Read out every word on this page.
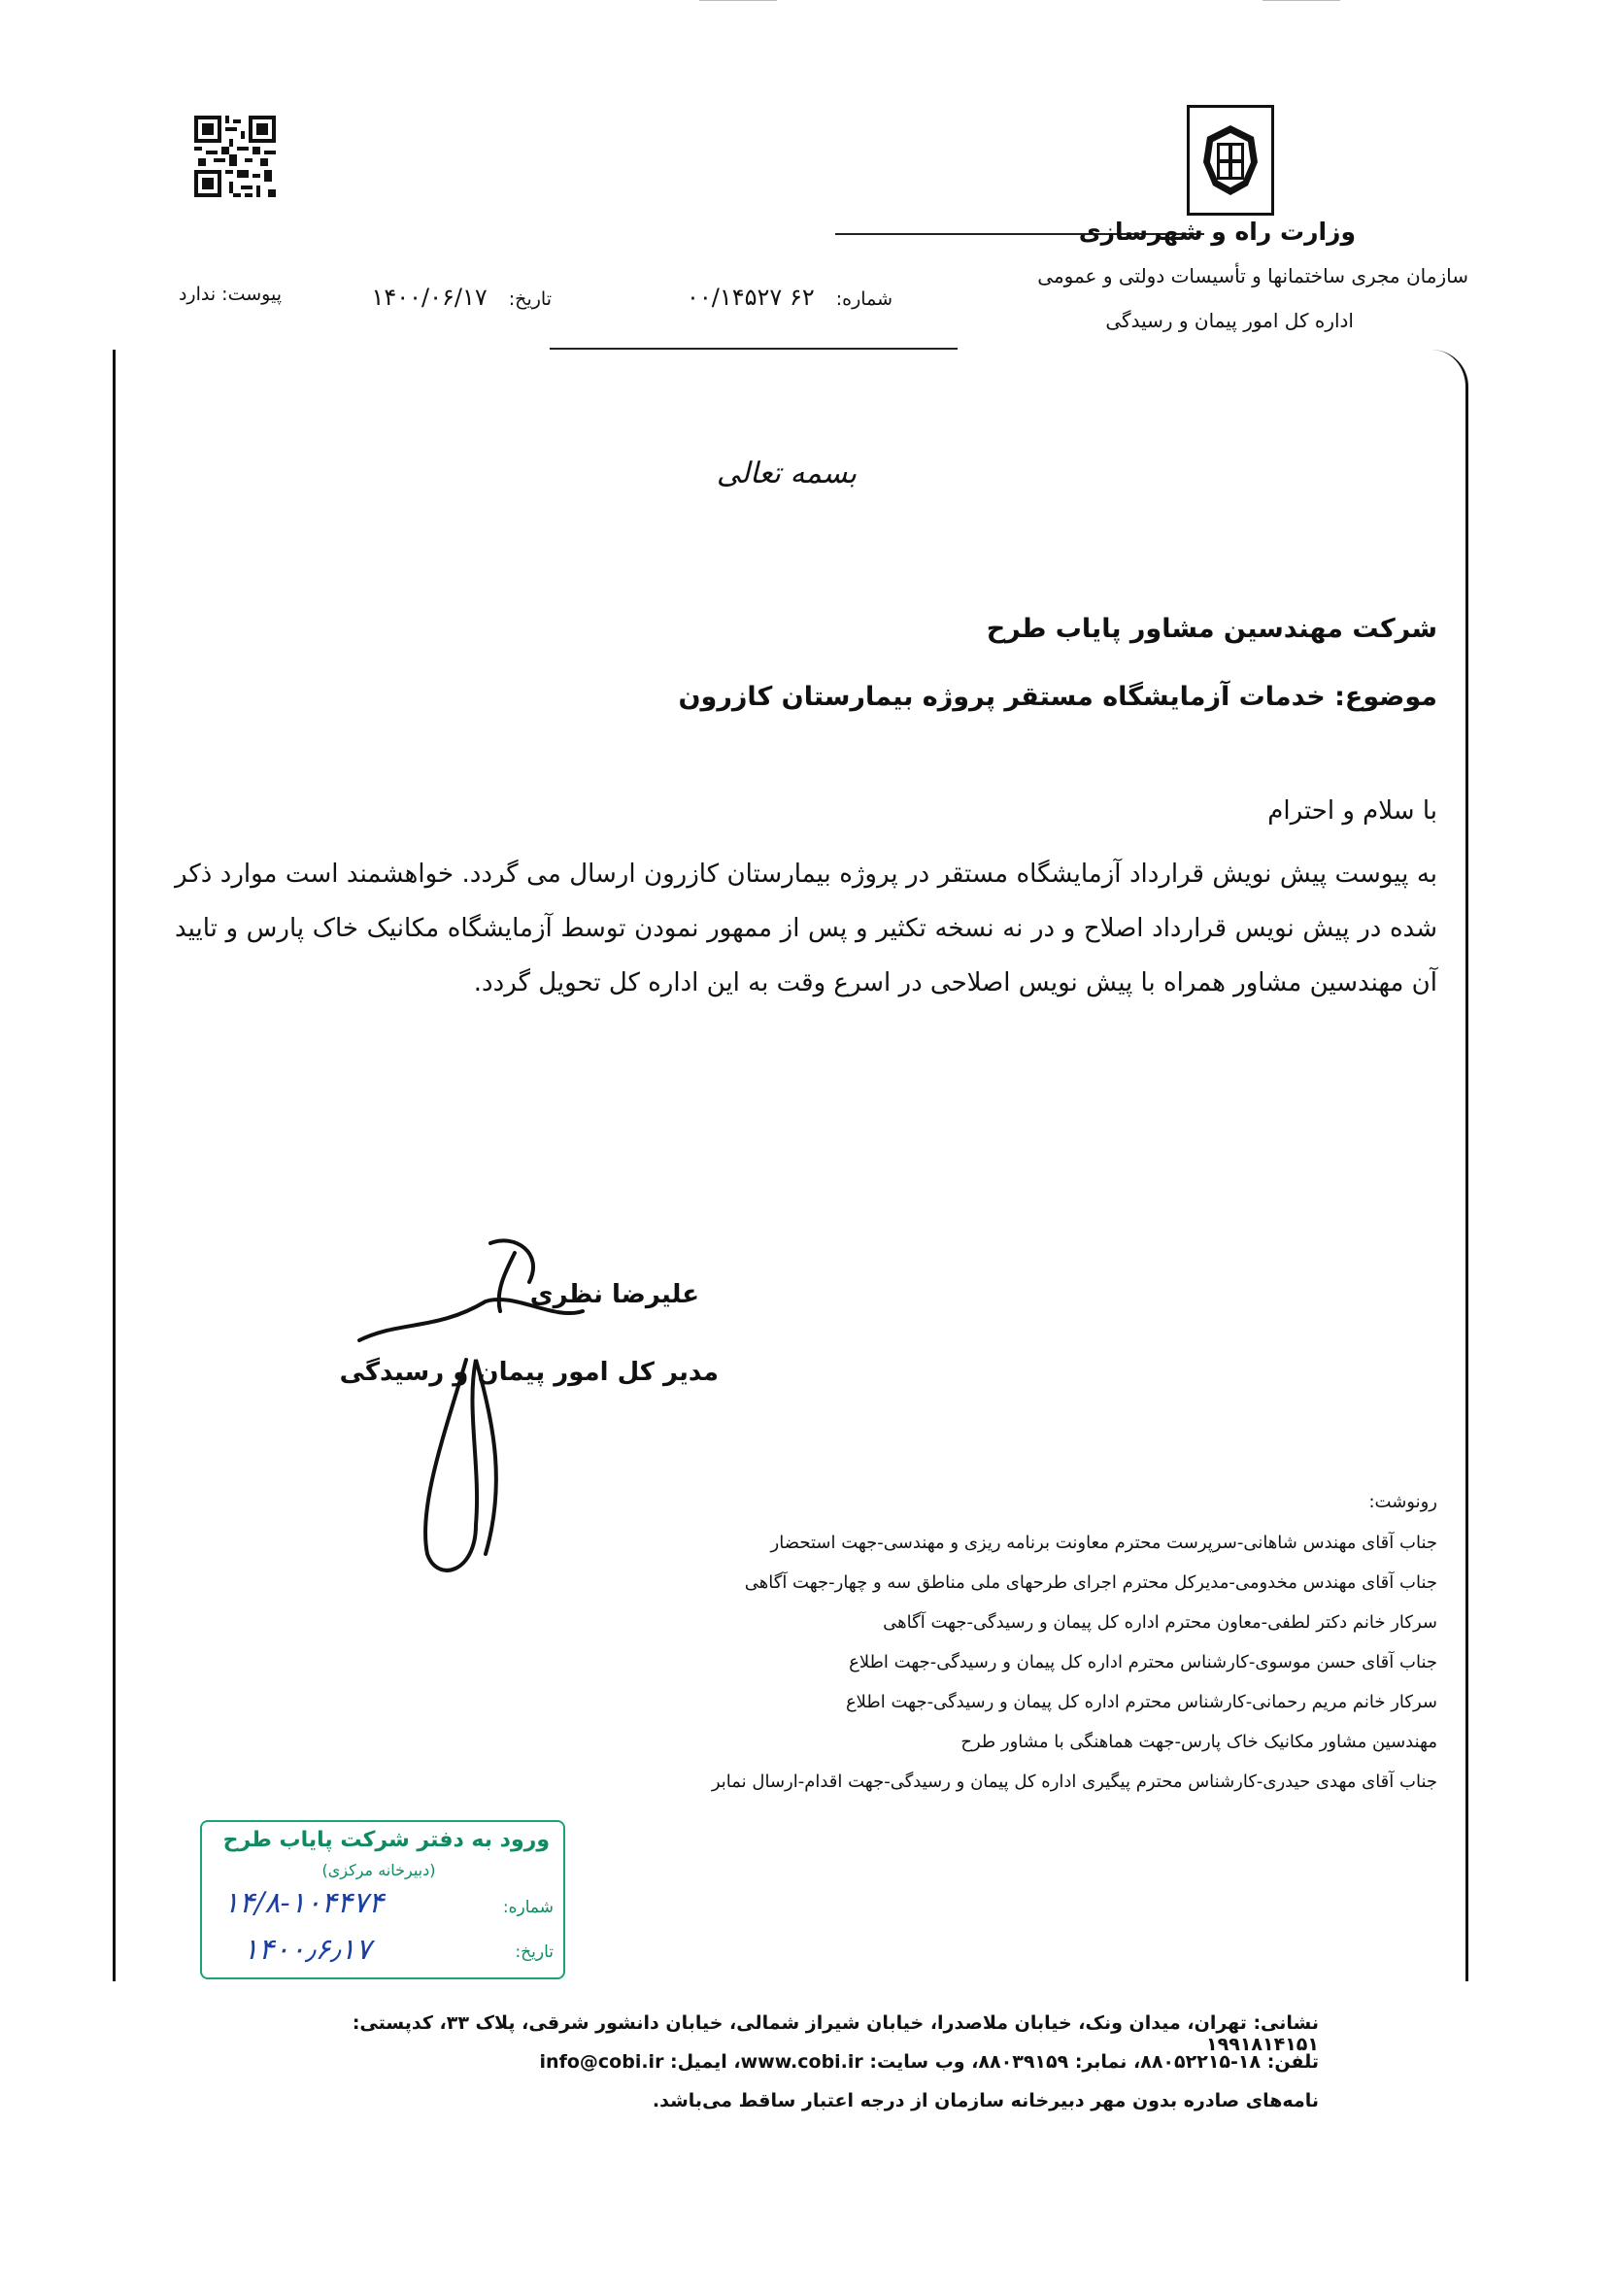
وزارت راه و شهرسازی
سازمان مجری ساختمانها و تأسیسات دولتی و عمومی
اداره کل امور پیمان و رسیدگی
شماره: ۶۲ ۰۰/۱۴۵۲۷
تاریخ: ۱۴۰۰/۰۶/۱۷
پیوست: ندارد
بسمه تعالی
شرکت مهندسین مشاور پایاب طرح
موضوع: خدمات آزمایشگاه مستقر پروژه بیمارستان کازرون
با سلام و احترام
به پیوست پیش نویش قرارداد آزمایشگاه مستقر در پروژه بیمارستان کازرون ارسال می گردد. خواهشمند است موارد ذکر شده در پیش نویس قرارداد اصلاح و در نه نسخه تکثیر و پس از ممهور نمودن توسط آزمایشگاه مکانیک خاک پارس و تایید آن مهندسین مشاور همراه با پیش نویس اصلاحی در اسرع وقت به این اداره کل تحویل گردد.
علیرضا نظری
مدیر کل امور پیمان و رسیدگی
رونوشت:
جناب آقای مهندس شاهانی-سرپرست محترم معاونت برنامه ریزی و مهندسی-جهت استحضار
جناب آقای مهندس مخدومی-مدیرکل محترم اجرای طرحهای ملی مناطق سه و چهار-جهت آگاهی
سرکار خانم دکتر لطفی-معاون محترم اداره کل پیمان و رسیدگی-جهت آگاهی
جناب آقای حسن موسوی-کارشناس محترم اداره کل پیمان و رسیدگی-جهت اطلاع
سرکار خانم مریم رحمانی-کارشناس محترم اداره کل پیمان و رسیدگی-جهت اطلاع
مهندسین مشاور مکانیک خاک پارس-جهت هماهنگی با مشاور طرح
جناب آقای مهدی حیدری-کارشناس محترم پیگیری اداره کل پیمان و رسیدگی-جهت اقدام-ارسال نمابر
ورود به دفتر شرکت پایاب طرح
(دبیرخانه مرکزی)
شماره:
۱۴/۸-۱۰۴۴۷۴
تاریخ:
۱۴۰۰٫۶٫۱۷
نشانی: تهران، میدان ونک، خیابان ملاصدرا، خیابان شیراز شمالی، خیابان دانشور شرقی، پلاک ۳۳، کدپستی: ۱۹۹۱۸۱۴۱۵۱
تلفن: ۱۸-۸۸۰۵۲۲۱۵، نمابر: ۸۸۰۳۹۱۵۹، وب سایت: www.cobi.ir، ایمیل: info@cobi.ir
نامه‌های صادره بدون مهر دبیرخانه سازمان از درجه اعتبار ساقط می‌باشد.
